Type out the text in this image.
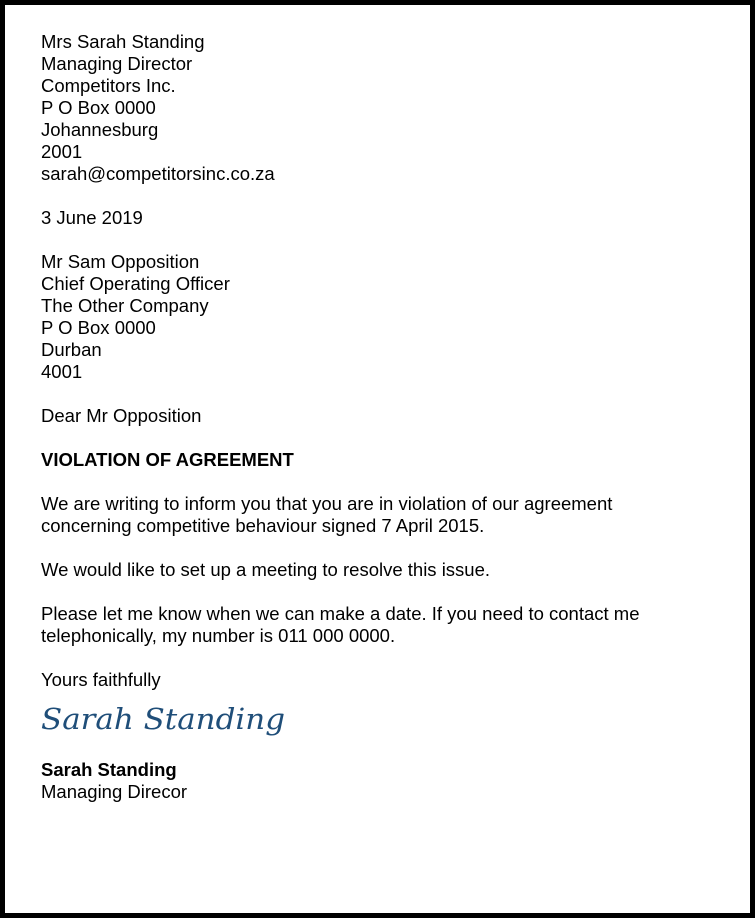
Mrs Sarah Standing
Managing Director
Competitors Inc.
P O Box 0000
Johannesburg
2001
sarah@competitorsinc.co.za
3 June 2019
Mr Sam Opposition
Chief Operating Officer
The Other Company
P O Box 0000
Durban
4001
Dear Mr Opposition
VIOLATION OF AGREEMENT
We are writing to inform you that you are in violation of our agreement
concerning competitive behaviour signed 7 April 2015.
We would like to set up a meeting to resolve this issue.
Please let me know when we can make a date. If you need to contact me
telephonically, my number is 011 000 0000.
Yours faithfully
Sarah Standing
Sarah Standing
Managing Direcor
